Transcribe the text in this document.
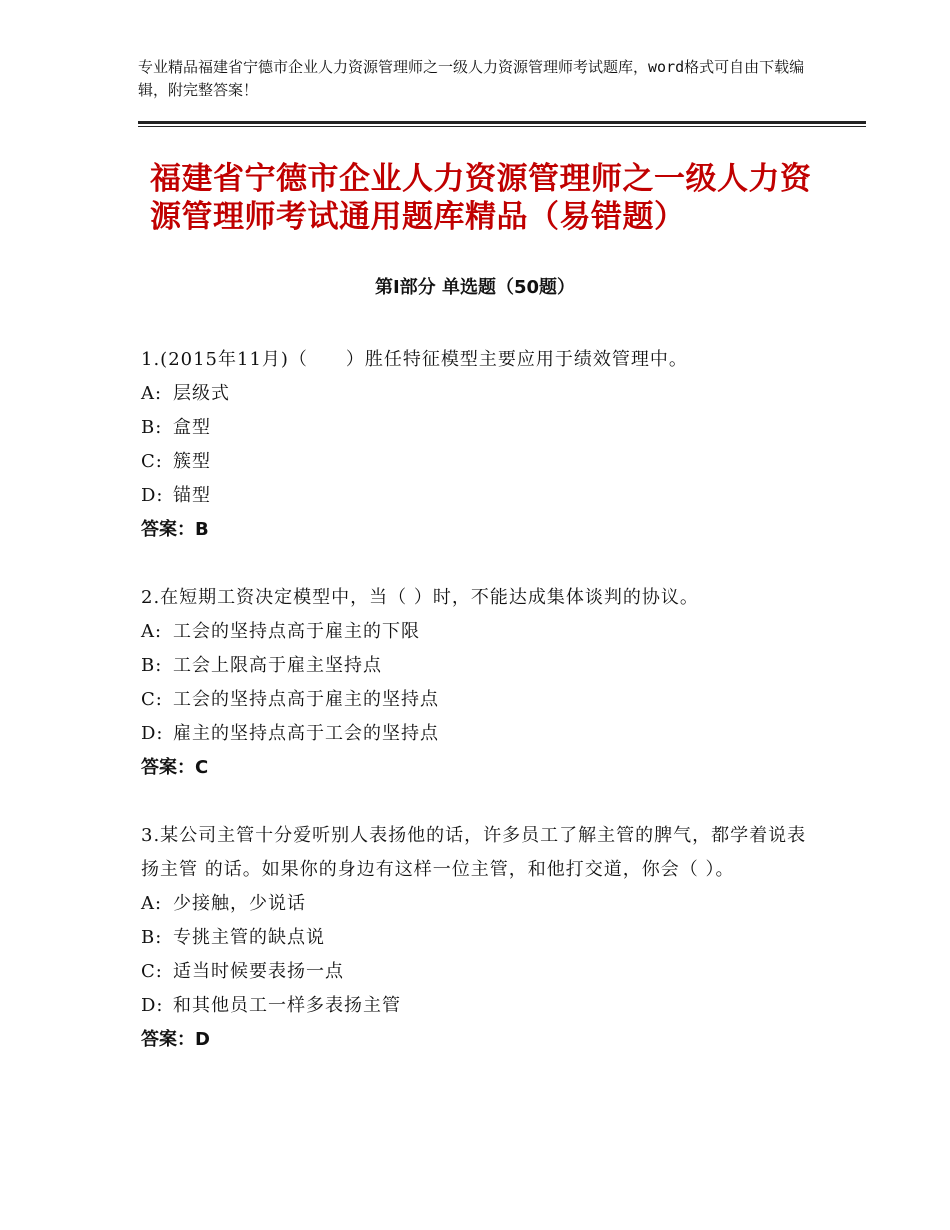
专业精品福建省宁德市企业人力资源管理师之一级人力资源管理师考试题库，word格式可自由下载编辑，附完整答案！
福建省宁德市企业人力资源管理师之一级人力资源管理师考试通用题库精品（易错题）
第Ⅰ部分 单选题（50题）

1.(2015年11月)（　　）胜任特征模型主要应用于绩效管理中。

A: 层级式

B: 盒型

C: 簇型

D: 锚型

答案：B

2.在短期工资决定模型中，当（ ）时，不能达成集体谈判的协议。

A: 工会的坚持点高于雇主的下限

B: 工会上限高于雇主坚持点

C: 工会的坚持点高于雇主的坚持点

D: 雇主的坚持点高于工会的坚持点

答案：C

3.某公司主管十分爱听别人表扬他的话，许多员工了解主管的脾气，都学着说表扬主管 的话。如果你的身边有这样一位主管，和他打交道，你会（ ）。

A: 少接触，少说话

B: 专挑主管的缺点说

C: 适当时候要表扬一点

D: 和其他员工一样多表扬主管

答案：D
